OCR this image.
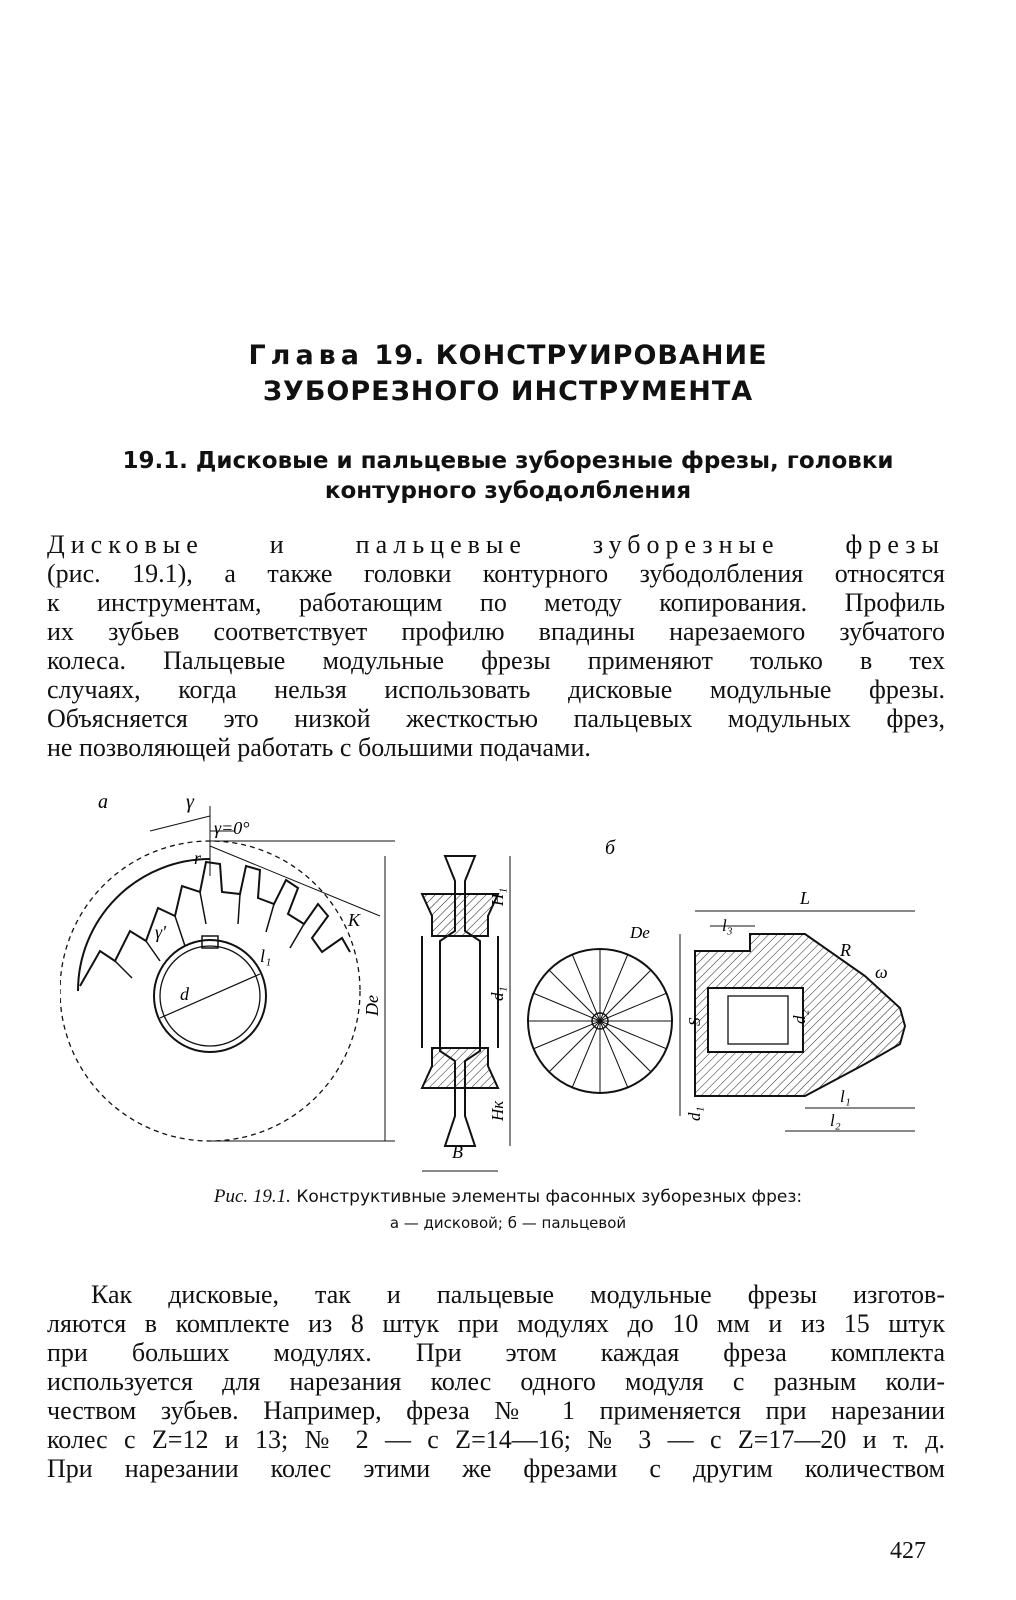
Глава 19. КОНСТРУИРОВАНИЕ
ЗУБОРЕЗНОГО ИНСТРУМЕНТА
19.1. Дисковые и пальцевые зуборезные фрезы, головки
контурного зубодолбления
Дисковые и пальцевые зуборезные фрезы
(рис. 19.1), а также головки контурного зубодолбления относятся
к инструментам, работающим по методу копирования. Профиль
их зубьев соответствует профилю впадины нарезаемого зубчатого
колеса. Пальцевые модульные фрезы применяют только в тех
случаях, когда нельзя использовать дисковые модульные фрезы.
Объясняется это низкой жесткостью пальцевых модульных фрез,
не позволяющей работать с большими подачами.
а	γ
γ=0°
r
K
γ'
l₁
d
De
H₁
d₁
Hк
B
б
De
L
l₃
R
ω
S	d₂
d₁
l₁
l₂
Рис. 19.1. Конструктивные элементы фасонных зуборезных фрез:
а — дисковой; б — пальцевой
Как дисковые, так и пальцевые модульные фрезы изготов-
ляются в комплекте из 8 штук при модулях до 10 мм и из 15 штук
при больших модулях. При этом каждая фреза комплекта
используется для нарезания колес одного модуля с разным коли-
чеством зубьев. Например, фреза № 1 применяется при нарезании
колес с Z=12 и 13; № 2 — с Z=14—16; № 3 — с Z=17—20 и т. д.
При нарезании колес этими же фрезами с другим количеством
427
